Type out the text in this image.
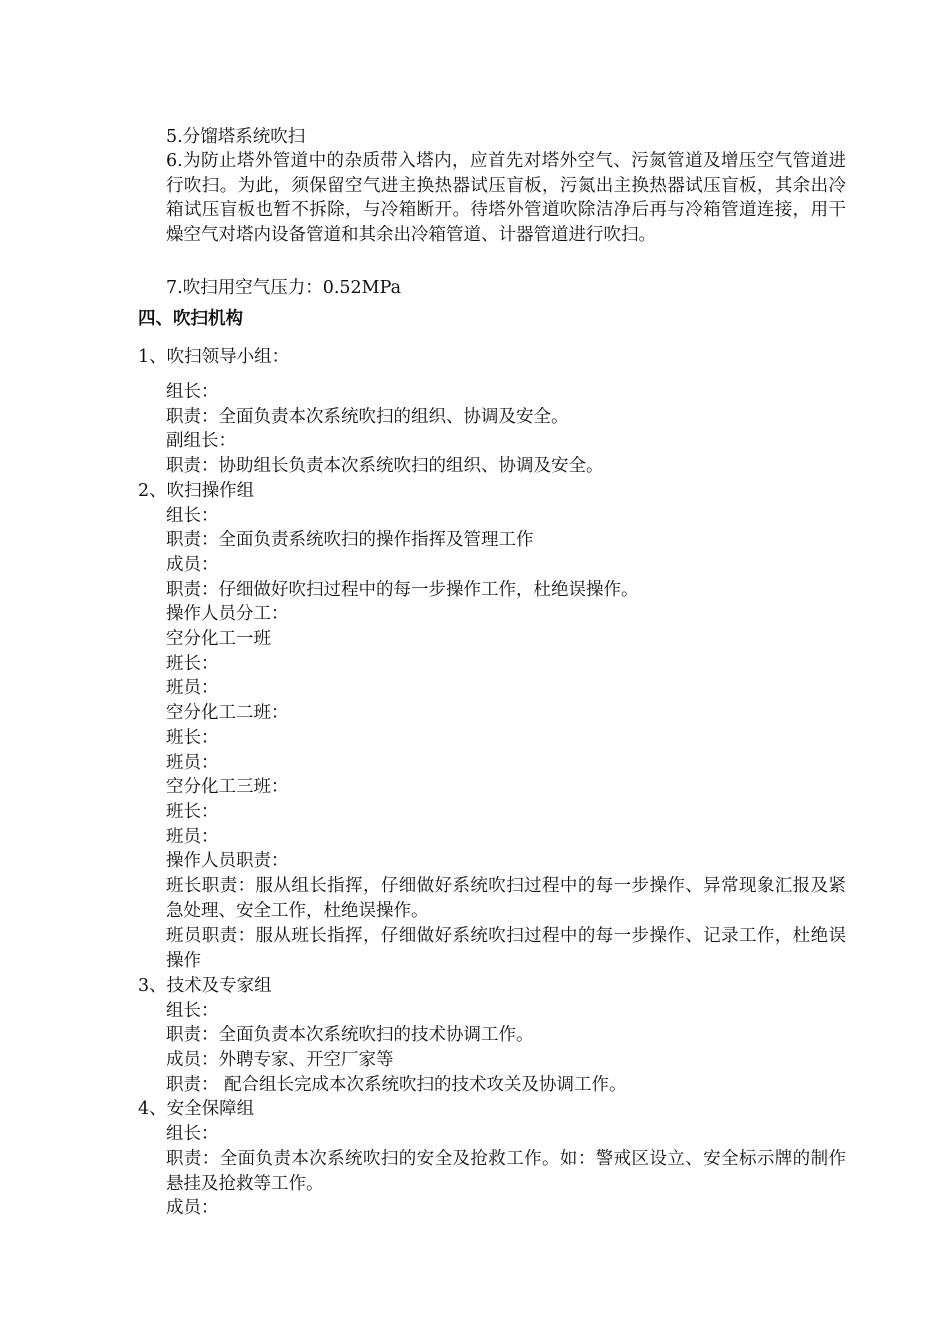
5.分馏塔系统吹扫
6.为防止塔外管道中的杂质带入塔内，应首先对塔外空气、污氮管道及增压空气管道进行吹扫。为此，须保留空气进主换热器试压盲板，污氮出主换热器试压盲板，其余出冷箱试压盲板也暂不拆除，与冷箱断开。待塔外管道吹除洁净后再与冷箱管道连接，用干燥空气对塔内设备管道和其余出冷箱管道、计器管道进行吹扫。
7.吹扫用空气压力：0.52MPa
四、吹扫机构
1、吹扫领导小组：
组长：
职责：全面负责本次系统吹扫的组织、协调及安全。
副组长：
职责：协助组长负责本次系统吹扫的组织、协调及安全。
2、吹扫操作组
组长：
职责：全面负责系统吹扫的操作指挥及管理工作
成员：
职责：仔细做好吹扫过程中的每一步操作工作，杜绝误操作。
操作人员分工：
空分化工一班
班长：
班员：
空分化工二班：
班长：
班员：
空分化工三班：
班长：
班员：
操作人员职责：
班长职责：服从组长指挥，仔细做好系统吹扫过程中的每一步操作、异常现象汇报及紧急处理、安全工作，杜绝误操作。
班员职责：服从班长指挥，仔细做好系统吹扫过程中的每一步操作、记录工作，杜绝误操作
3、技术及专家组
组长：
职责：全面负责本次系统吹扫的技术协调工作。
成员：外聘专家、开空厂家等
职责： 配合组长完成本次系统吹扫的技术攻关及协调工作。
4、安全保障组
组长：
职责：全面负责本次系统吹扫的安全及抢救工作。如：警戒区设立、安全标示牌的制作悬挂及抢救等工作。
成员：
